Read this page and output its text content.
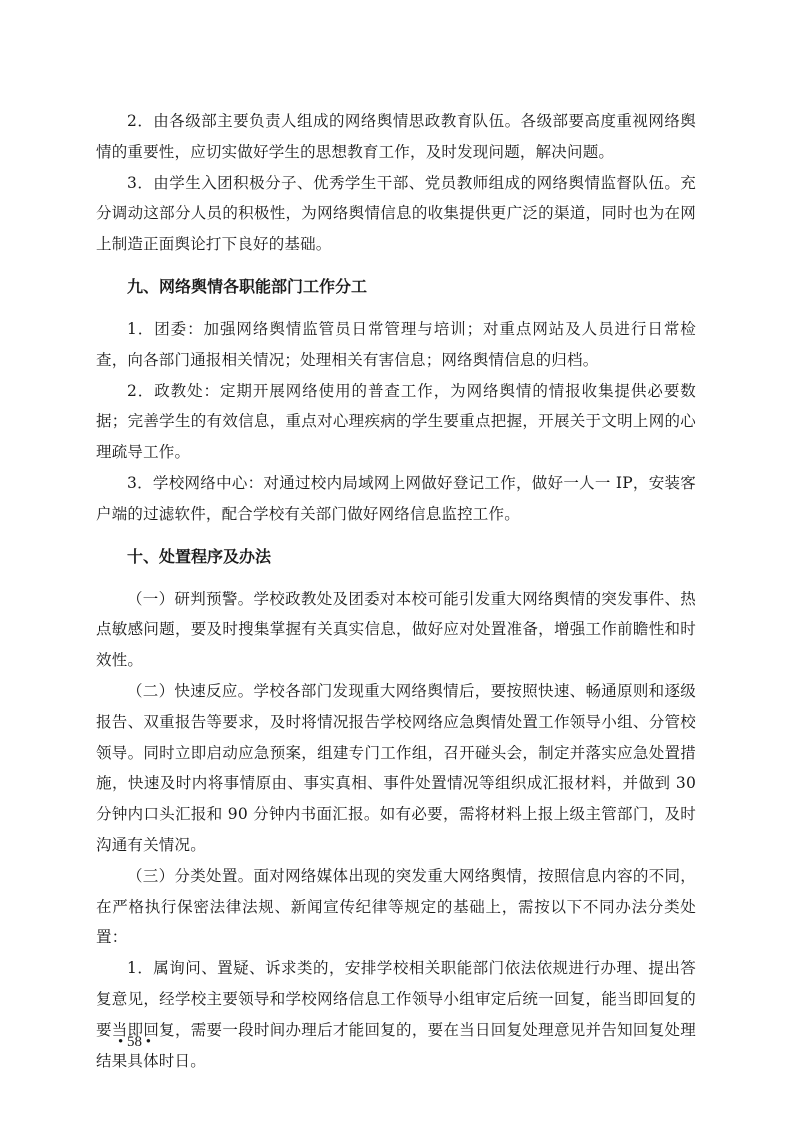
2．由各级部主要负责人组成的网络舆情思政教育队伍。各级部要高度重视网络舆情的重要性，应切实做好学生的思想教育工作，及时发现问题，解决问题。

3．由学生入团积极分子、优秀学生干部、党员教师组成的网络舆情监督队伍。充分调动这部分人员的积极性，为网络舆情信息的收集提供更广泛的渠道，同时也为在网上制造正面舆论打下良好的基础。

九、网络舆情各职能部门工作分工

1．团委：加强网络舆情监管员日常管理与培训；对重点网站及人员进行日常检查，向各部门通报相关情况；处理相关有害信息；网络舆情信息的归档。

2．政教处：定期开展网络使用的普查工作，为网络舆情的情报收集提供必要数据；完善学生的有效信息，重点对心理疾病的学生要重点把握，开展关于文明上网的心理疏导工作。

3．学校网络中心：对通过校内局域网上网做好登记工作，做好一人一 IP，安装客户端的过滤软件，配合学校有关部门做好网络信息监控工作。

十、处置程序及办法

（一）研判预警。学校政教处及团委对本校可能引发重大网络舆情的突发事件、热点敏感问题，要及时搜集掌握有关真实信息，做好应对处置准备，增强工作前瞻性和时效性。

（二）快速反应。学校各部门发现重大网络舆情后，要按照快速、畅通原则和逐级报告、双重报告等要求，及时将情况报告学校网络应急舆情处置工作领导小组、分管校领导。同时立即启动应急预案，组建专门工作组，召开碰头会，制定并落实应急处置措施，快速及时内将事情原由、事实真相、事件处置情况等组织成汇报材料，并做到 30 分钟内口头汇报和 90 分钟内书面汇报。如有必要，需将材料上报上级主管部门，及时沟通有关情况。

（三）分类处置。面对网络媒体出现的突发重大网络舆情，按照信息内容的不同，在严格执行保密法律法规、新闻宣传纪律等规定的基础上，需按以下不同办法分类处置：

1．属询问、置疑、诉求类的，安排学校相关职能部门依法依规进行办理、提出答复意见，经学校主要领导和学校网络信息工作领导小组审定后统一回复，能当即回复的要当即回复，需要一段时间办理后才能回复的，要在当日回复处理意见并告知回复处理结果具体时日。

• 58 •
